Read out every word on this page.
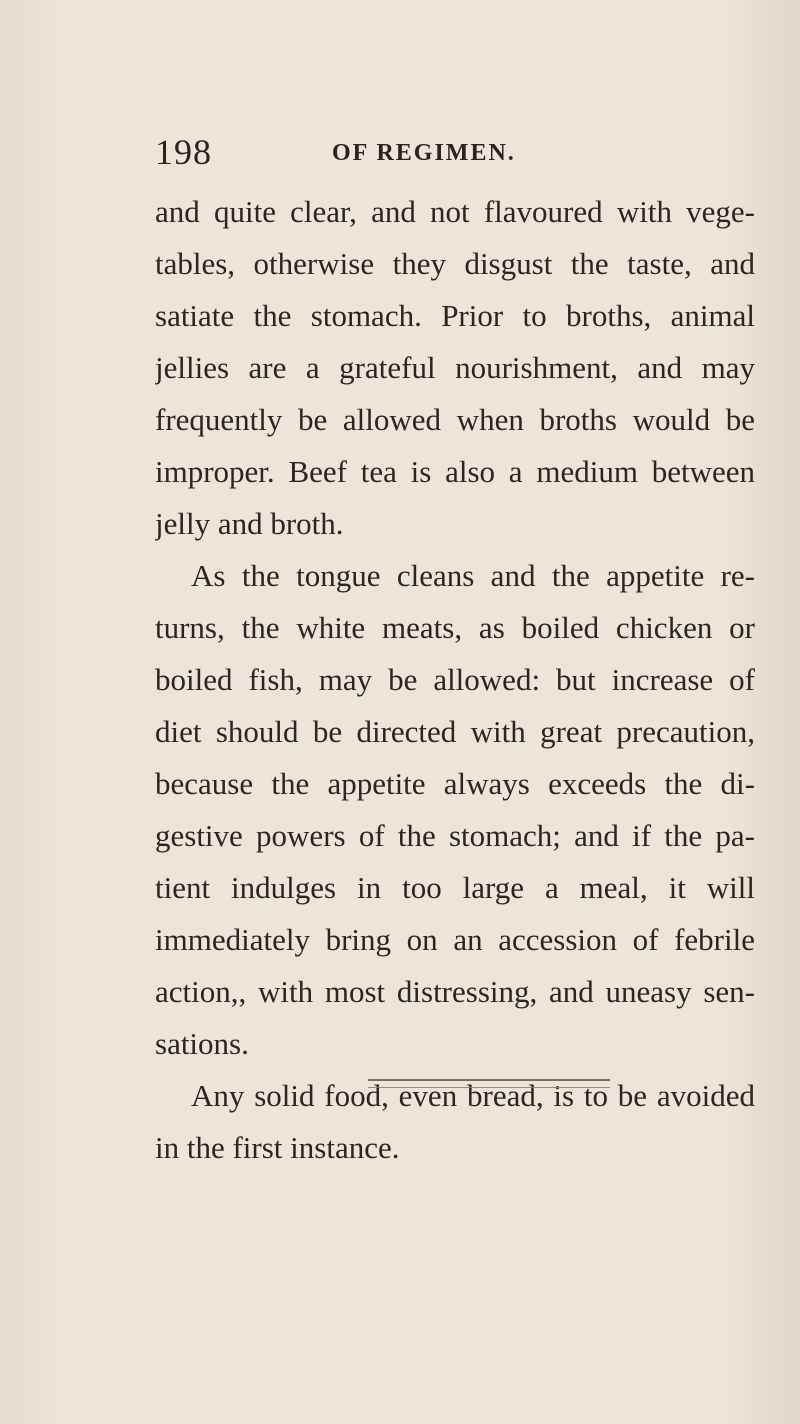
198	OF REGIMEN.
and quite clear, and not flavoured with vege-
tables, otherwise they disgust the taste, and
satiate the stomach. Prior to broths, animal
jellies are a grateful nourishment, and may
frequently be allowed when broths would be
improper. Beef tea is also a medium between
jelly and broth.
As the tongue cleans and the appetite re-
turns, the white meats, as boiled chicken or
boiled fish, may be allowed: but increase of
diet should be directed with great precaution,
because the appetite always exceeds the di-
gestive powers of the stomach; and if the pa-
tient indulges in too large a meal, it will
immediately bring on an accession of febrile
action,, with most distressing, and uneasy sen-
sations.
Any solid food, even bread, is to be avoided
in the first instance.
